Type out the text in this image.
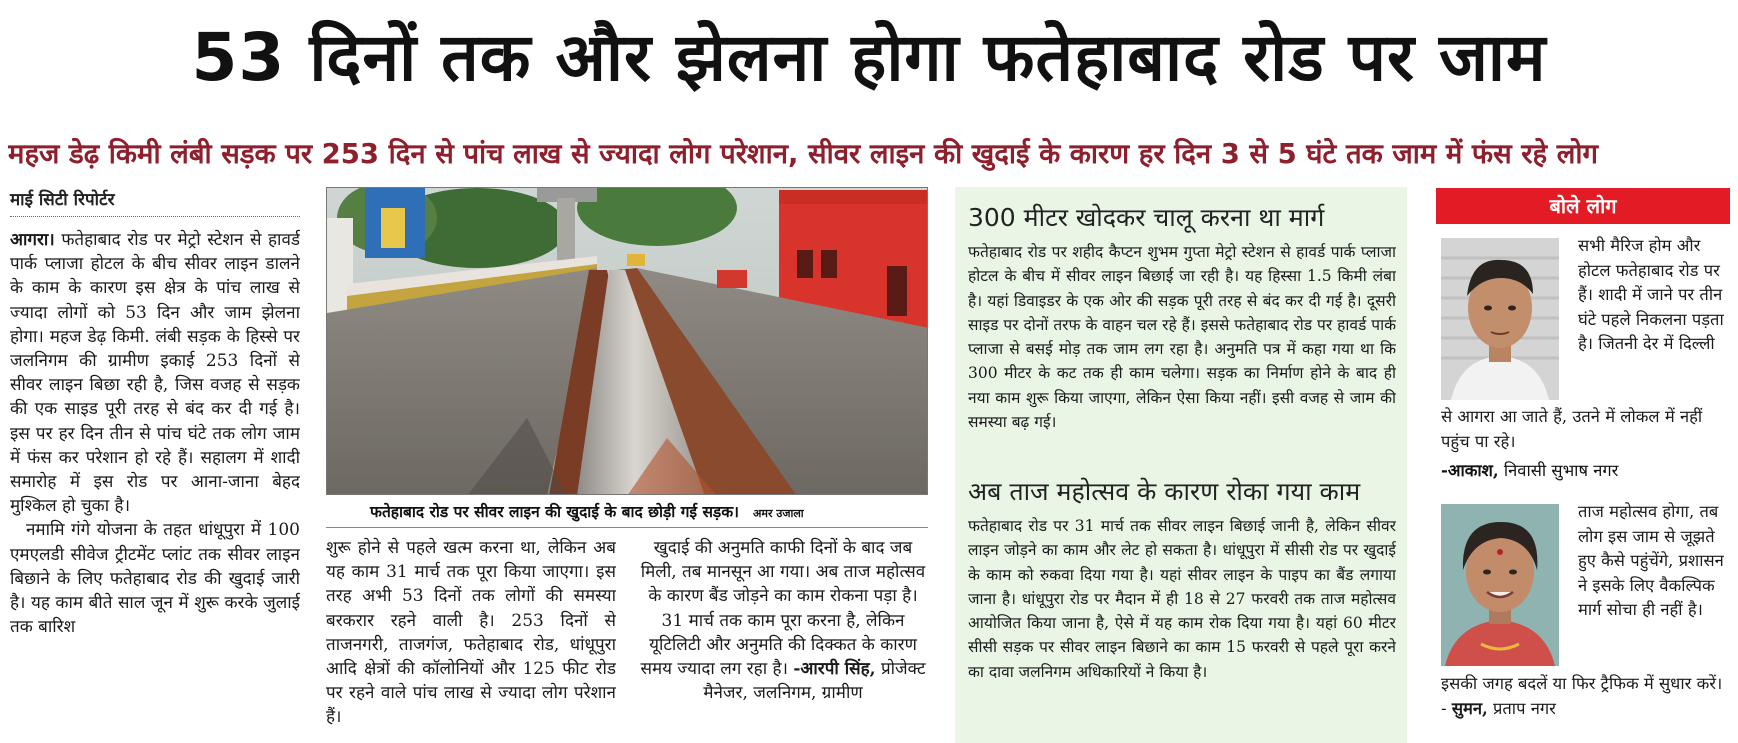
53 दिनों तक और झेलना होगा फतेहाबाद रोड पर जाम
महज डेढ़ किमी लंबी सड़क पर 253 दिन से पांच लाख से ज्यादा लोग परेशान, सीवर लाइन की खुदाई के कारण हर दिन 3 से 5 घंटे तक जाम में फंस रहे लोग
माई सिटी रिपोर्टर

आगरा। फतेहाबाद रोड पर मेट्रो स्टेशन से हावर्ड पार्क प्लाजा होटल के बीच सीवर लाइन डालने के काम के कारण इस क्षेत्र के पांच लाख से ज्यादा लोगों को 53 दिन और जाम झेलना होगा। महज डेढ़ किमी. लंबी सड़क के हिस्से पर जलनिगम की ग्रामीण इकाई 253 दिनों से सीवर लाइन बिछा रही है, जिस वजह से सड़क की एक साइड पूरी तरह से बंद कर दी गई है। इस पर हर दिन तीन से पांच घंटे तक लोग जाम में फंस कर परेशान हो रहे हैं। सहालग में शादी समारोह में इस रोड पर आना-जाना बेहद मुश्किल हो चुका है।

नमामि गंगे योजना के तहत धांधूपुरा में 100 एमएलडी सीवेज ट्रीटमेंट प्लांट तक सीवर लाइन बिछाने के लिए फतेहाबाद रोड की खुदाई जारी है। यह काम बीते साल जून में शुरू करके जुलाई तक बारिश

फतेहाबाद रोड पर सीवर लाइन की खुदाई के बाद छोड़ी गई सड़क। अमर उजाला

शुरू होने से पहले खत्म करना था, लेकिन अब यह काम 31 मार्च तक पूरा किया जाएगा। इस तरह अभी 53 दिनों तक लोगों की समस्या बरकरार रहने वाली है। 253 दिनों से ताजनगरी, ताजगंज, फतेहाबाद रोड, धांधूपुरा आदि क्षेत्रों की कॉलोनियों और 125 फीट रोड पर रहने वाले पांच लाख से ज्यादा लोग परेशान हैं।

खुदाई की अनुमति काफी दिनों के बाद जब मिली, तब मानसून आ गया। अब ताज महोत्सव के कारण बैंड जोड़ने का काम रोकना पड़ा है। 31 मार्च तक काम पूरा करना है, लेकिन यूटिलिटी और अनुमति की दिक्कत के कारण समय ज्यादा लग रहा है। -आरपी सिंह, प्रोजेक्ट मैनेजर, जलनिगम, ग्रामीण

300 मीटर खोदकर चालू करना था मार्ग
फतेहाबाद रोड पर शहीद कैप्टन शुभम गुप्ता मेट्रो स्टेशन से हावर्ड पार्क प्लाजा होटल के बीच में सीवर लाइन बिछाई जा रही है। यह हिस्सा 1.5 किमी लंबा है। यहां डिवाइडर के एक ओर की सड़क पूरी तरह से बंद कर दी गई है। दूसरी साइड पर दोनों तरफ के वाहन चल रहे हैं। इससे फतेहाबाद रोड पर हावर्ड पार्क प्लाजा से बसई मोड़ तक जाम लग रहा है। अनुमति पत्र में कहा गया था कि 300 मीटर के कट तक ही काम चलेगा। सड़क का निर्माण होने के बाद ही नया काम शुरू किया जाएगा, लेकिन ऐसा किया नहीं। इसी वजह से जाम की समस्या बढ़ गई।
अब ताज महोत्सव के कारण रोका गया काम
फतेहाबाद रोड पर 31 मार्च तक सीवर लाइन बिछाई जानी है, लेकिन सीवर लाइन जोड़ने का काम और लेट हो सकता है। धांधूपुरा में सीसी रोड पर खुदाई के काम को रुकवा दिया गया है। यहां सीवर लाइन के पाइप का बैंड लगाया जाना है। धांधूपुरा रोड पर मैदान में ही 18 से 27 फरवरी तक ताज महोत्सव आयोजित किया जाना है, ऐसे में यह काम रोक दिया गया है। यहां 60 मीटर सीसी सड़क पर सीवर लाइन बिछाने का काम 15 फरवरी से पहले पूरा करने का दावा जलनिगम अधिकारियों ने किया है।
बोले लोग
सभी मैरिज होम और होटल फतेहाबाद रोड पर हैं। शादी में जाने पर तीन घंटे पहले निकलना पड़ता है। जितनी देर में दिल्ली
से आगरा आ जाते हैं, उतने में लोकल में नहीं पहुंच पा रहे।
-आकाश, निवासी सुभाष नगर
ताज महोत्सव होगा, तब लोग इस जाम से जूझते हुए कैसे पहुंचेंगे, प्रशासन ने इसके लिए वैकल्पिक मार्ग सोचा ही नहीं है।
इसकी जगह बदलें या फिर ट्रैफिक में सुधार करें। - सुमन, प्रताप नगर
